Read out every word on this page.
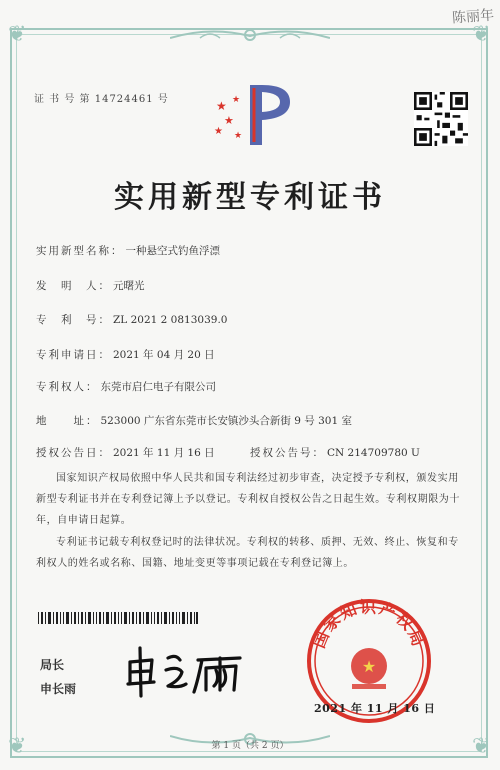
❦	❦
❦	❦
陈丽年
证 书 号 第 14724461 号	★
★
★
★
★
实用新型专利证书
实用新型名称： 一种悬空式钓鱼浮漂
发　明　人： 元曙光
专　利　号： ZL 2021 2 0813039.0
专利申请日： 2021 年 04 月 20 日
专利权人： 东莞市启仁电子有限公司
地　　址： 523000 广东省东莞市长安镇沙头合新街 9 号 301 室
授权公告日： 2021 年 11 月 16 日	授权公告号： CN 214709780 U
国家知识产权局依照中华人民共和国专利法经过初步审查，决定授予专利权，颁发实用新型专利证书并在专利登记簿上予以登记。专利权自授权公告之日起生效。专利权期限为十年，自申请日起算。
专利证书记载专利权登记时的法律状况。专利权的转移、质押、无效、终止、恢复和专利权人的姓名或名称、国籍、地址变更等事项记载在专利登记簿上。
局长
申长雨
国家知识产权局
★
2021 年 11 月 16 日
第 1 页（共 2 页）
